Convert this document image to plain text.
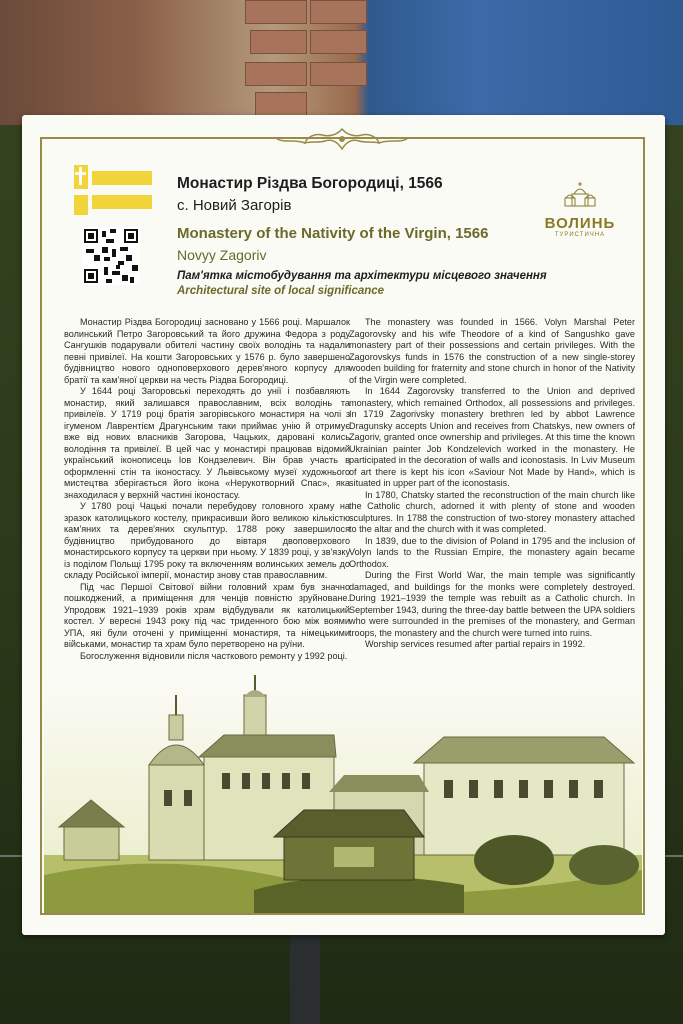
Монастир Різдва Богородиці, 1566
с. Новий Загорів
Monastery of the Nativity of the Virgin, 1566
Novyy Zagoriv
Пам'ятка містобудування та архітектури місцевого значення
Architectural site of local significance
ВОЛИНЬ
ТУРИСТИЧНА

Монастир Різдва Богородиці засновано у 1566 році. Маршалок волинський Петро Загоровський та його дружина Федора з роду Сангушків подарували обителі частину своїх володінь та надали певні привілеї. На кошти Загоровських у 1576 р. було завершено будівництво нового одноповерхового дерев'яного корпусу для братії та кам'яної церкви на честь Різдва Богородиці.

У 1644 році Загоровські переходять до унії і позбавляють монастир, який залишався православним, всіх володінь та привілеїв. У 1719 році братія загорівського монастиря на чолі з ігуменом Лаврентієм Драгунським таки приймає унію й отримує вже від нових власників Загорова, Чацьких, даровані колись володіння та привілеї. В цей час у монастирі працював відомий український іконописець Іов Кондзелевич. Він брав участь в оформленні стін та іконостасу. У Львівському музеї художнього мистецтва зберігається його ікона «Нерукотворний Спас», яка знаходилася у верхній частині іконостасу.

У 1780 році Чацькі почали перебудову головного храму на зразок католицького костелу, прикрасивши його великою кількістю кам'яних та дерев'яних скульптур. 1788 року завершилося будівництво прибудованого до вівтаря двоповерхового монастирського корпусу та церкви при ньому. У 1839 році, у зв'язку із поділом Польщі 1795 року та включенням волинських земель до складу Російської імперії, монастир знову став православним.

Під час Першої Світової війни головний храм був значно пошкоджений, а приміщення для ченців повністю зруйноване. Упродовж 1921–1939 років храм відбудували як католицький костел. У вересні 1943 року під час триденного бою між воями УПА, які були оточені у приміщенні монастиря, та німецькими військами, монастир та храм було перетворено на руїни.

Богослуження відновили після часткового ремонту у 1992 році.

The monastery was founded in 1566. Volyn Marshal Peter Zagorovsky and his wife Theodore of a kind of Sangushko gave monastery part of their possessions and certain privileges. With the Zagorovskys funds in 1576 the construction of a new single-storey wooden building for fraternity and stone church in honor of the Nativity of the Virgin were completed.

In 1644 Zagorovsky transferred to the Union and deprived monastery, which remained Orthodox, all possessions and privileges. In 1719 Zagorivsky monastery brethren led by abbot Lawrence Dragunsky accepts Union and receives from Chatskys, new owners of Zagoriv, granted once ownership and privileges. At this time the known Ukrainian painter Job Kondzelevich worked in the monastery. He participated in the decoration of walls and iconostasis. In Lviv Museum of art there is kept his icon «Saviour Not Made by Hand», which is situated in upper part of the iconostasis.

In 1780, Chatsky started the reconstruction of the main church like the Catholic church, adorned it with plenty of stone and wooden sculptures. In 1788 the construction of two-storey monastery attached to the altar and the church with it was completed.

In 1839, due to the division of Poland in 1795 and the inclusion of Volyn lands to the Russian Empire, the monastery again became Orthodox.

During the First World War, the main temple was significantly damaged, and buildings for the monks were completely destroyed. During 1921–1939 the temple was rebuilt as a Catholic church. In September 1943, during the three-day battle between the UPA soldiers who were surrounded in the premises of the monastery, and German troops, the monastery and the church were turned into ruins.

Worship services resumed after partial repairs in 1992.
